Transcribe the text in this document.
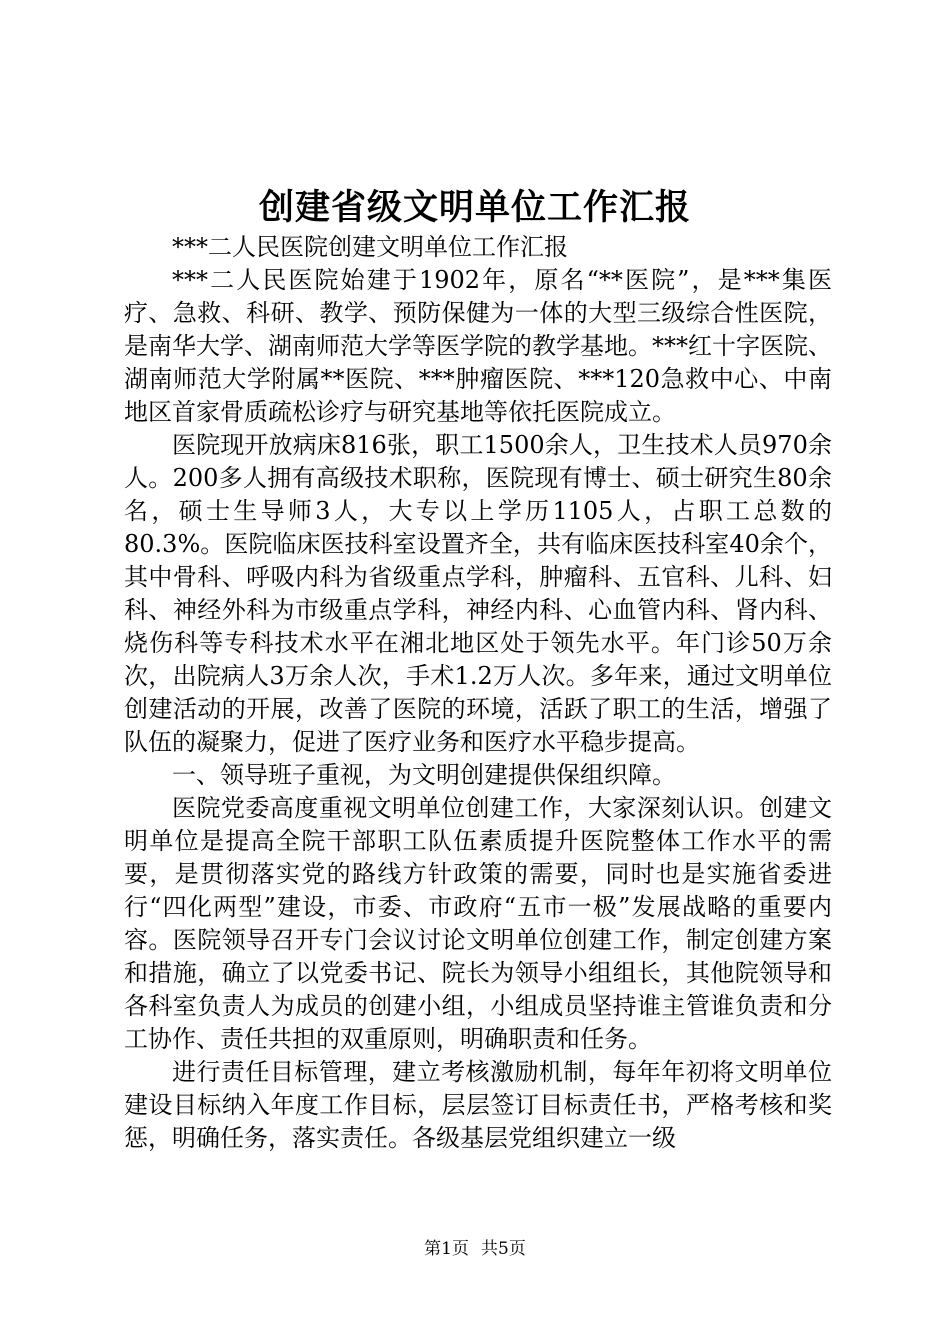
创建省级文明单位工作汇报

***二人民医院创建文明单位工作汇报

***二人民医院始建于1902年，原名“**医院”，是***集医疗、急救、科研、教学、预防保健为一体的大型三级综合性医院，是南华大学、湖南师范大学等医学院的教学基地。***红十字医院、湖南师范大学附属**医院、***肿瘤医院、***120急救中心、中南地区首家骨质疏松诊疗与研究基地等依托医院成立。

医院现开放病床816张，职工1500余人，卫生技术人员970余人。200多人拥有高级技术职称，医院现有博士、硕士研究生80余名，硕士生导师3人，大专以上学历1105人，占职工总数的80.3%。医院临床医技科室设置齐全，共有临床医技科室40余个，其中骨科、呼吸内科为省级重点学科，肿瘤科、五官科、儿科、妇科、神经外科为市级重点学科，神经内科、心血管内科、肾内科、烧伤科等专科技术水平在湘北地区处于领先水平。年门诊50万余次，出院病人3万余人次，手术1.2万人次。多年来，通过文明单位创建活动的开展，改善了医院的环境，活跃了职工的生活，增强了队伍的凝聚力，促进了医疗业务和医疗水平稳步提高。

一、领导班子重视，为文明创建提供保组织障。

医院党委高度重视文明单位创建工作，大家深刻认识。创建文明单位是提高全院干部职工队伍素质提升医院整体工作水平的需要，是贯彻落实党的路线方针政策的需要，同时也是实施省委进行“四化两型”建设，市委、市政府“五市一极”发展战略的重要内容。医院领导召开专门会议讨论文明单位创建工作，制定创建方案和措施，确立了以党委书记、院长为领导小组组长，其他院领导和各科室负责人为成员的创建小组，小组成员坚持谁主管谁负责和分工协作、责任共担的双重原则，明确职责和任务。

进行责任目标管理，建立考核激励机制，每年年初将文明单位建设目标纳入年度工作目标，层层签订目标责任书，严格考核和奖惩，明确任务，落实责任。各级基层党组织建立一级

第1页 共5页
